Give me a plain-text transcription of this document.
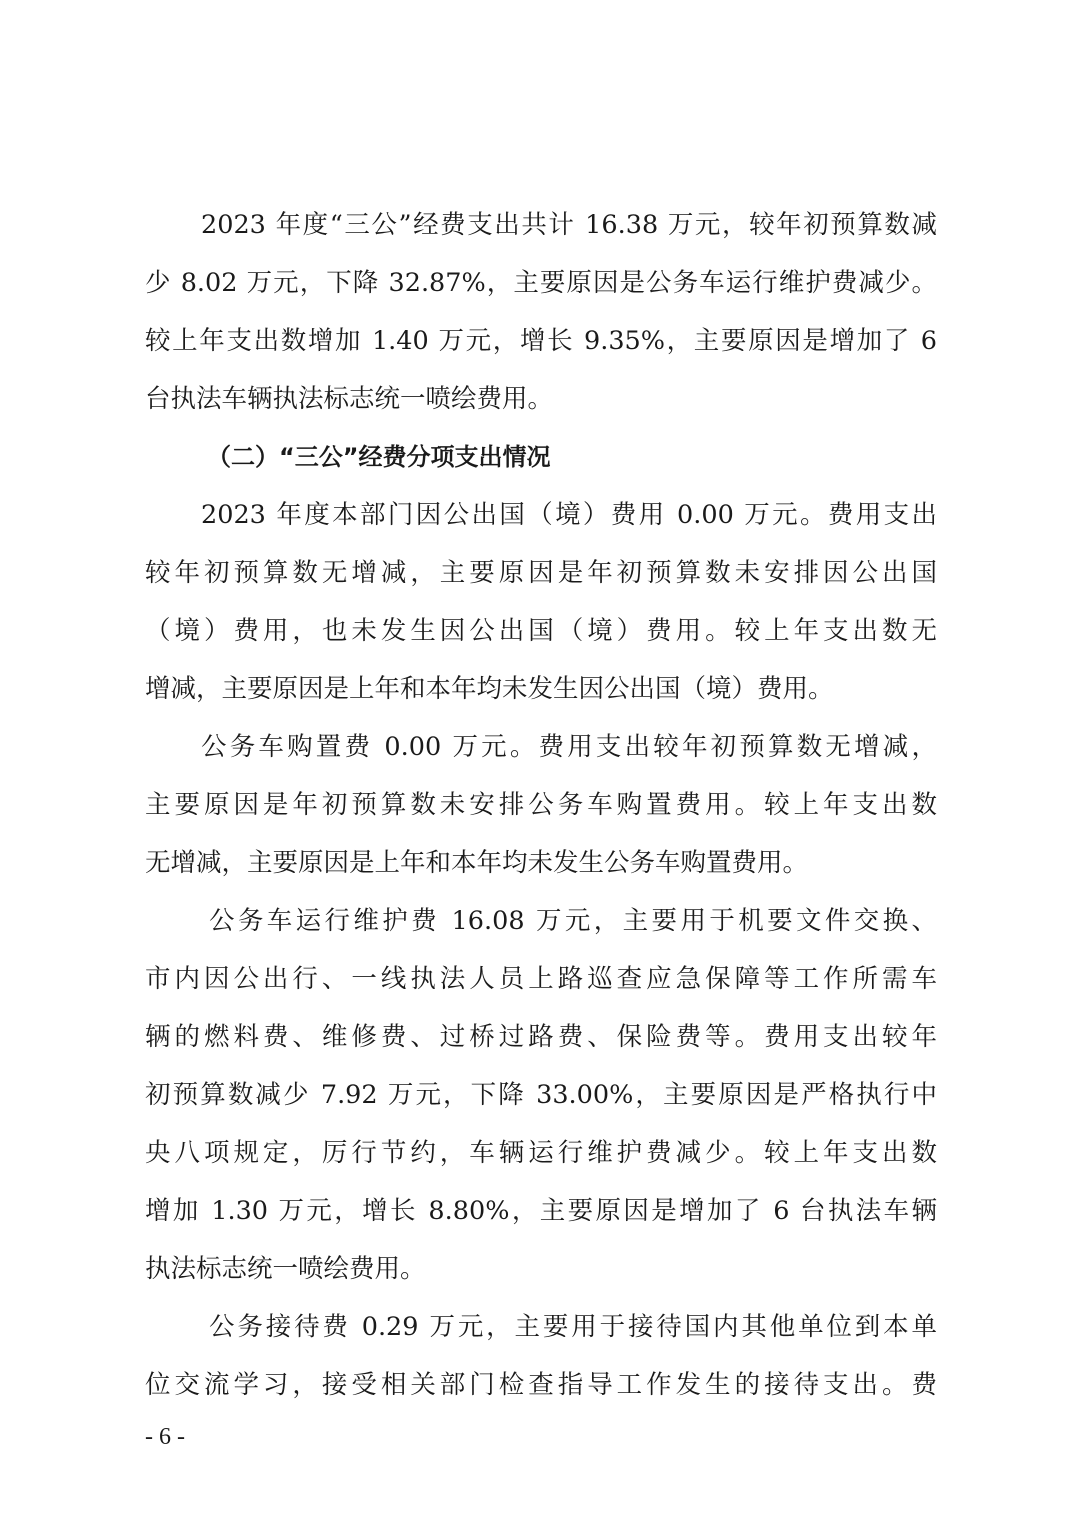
2023 年度“三公”经费支出共计 16.38 万元，较年初预算数减
少 8.02 万元，下降 32.87%，主要原因是公务车运行维护费减少。
较上年支出数增加 1.40 万元，增长 9.35%，主要原因是增加了 6
台执法车辆执法标志统一喷绘费用。
（二）“三公”经费分项支出情况
2023 年度本部门因公出国（境）费用 0.00 万元。费用支出
较年初预算数无增减，主要原因是年初预算数未安排因公出国
（境）费用，也未发生因公出国（境）费用。较上年支出数无
增减，主要原因是上年和本年均未发生因公出国（境）费用。
公务车购置费 0.00 万元。费用支出较年初预算数无增减，
主要原因是年初预算数未安排公务车购置费用。较上年支出数
无增减，主要原因是上年和本年均未发生公务车购置费用。
公务车运行维护费 16.08 万元，主要用于机要文件交换、
市内因公出行、一线执法人员上路巡查应急保障等工作所需车
辆的燃料费、维修费、过桥过路费、保险费等。费用支出较年
初预算数减少 7.92 万元，下降 33.00%，主要原因是严格执行中
央八项规定，厉行节约，车辆运行维护费减少。较上年支出数
增加 1.30 万元，增长 8.80%，主要原因是增加了 6 台执法车辆
执法标志统一喷绘费用。
公务接待费 0.29 万元，主要用于接待国内其他单位到本单
位交流学习，接受相关部门检查指导工作发生的接待支出。费
- 6 -
